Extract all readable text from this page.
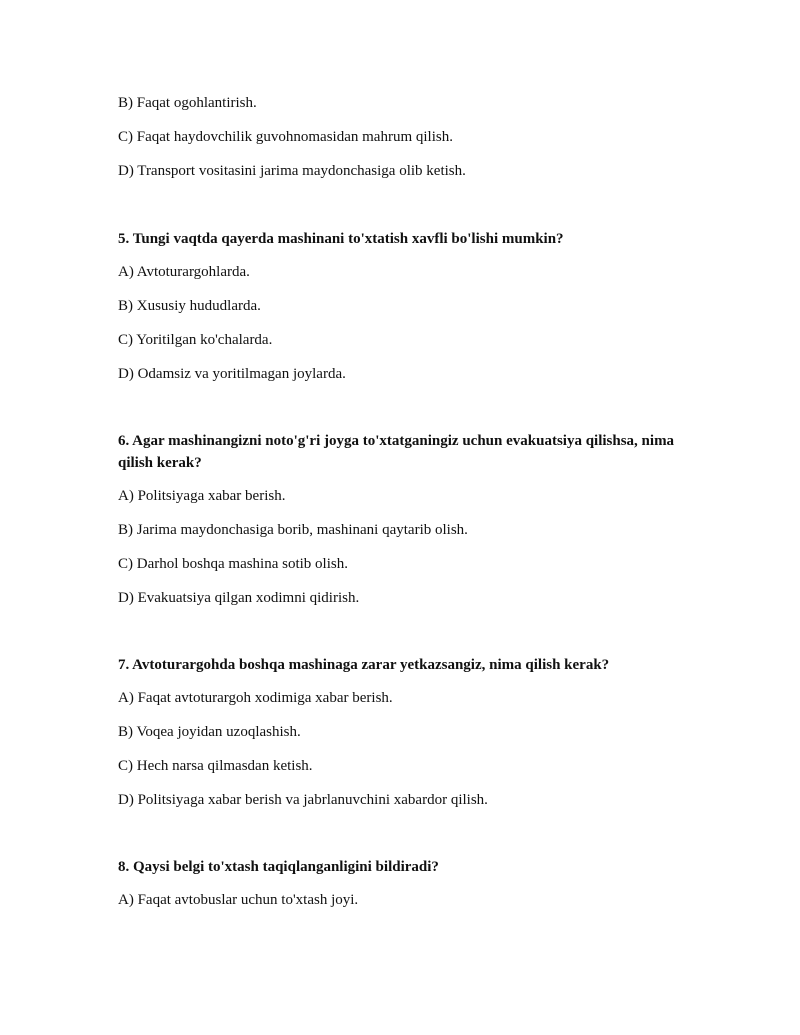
B) Faqat ogohlantirish.
C) Faqat haydovchilik guvohnomasidan mahrum qilish.
D) Transport vositasini jarima maydonchasiga olib ketish.
5. Tungi vaqtda qayerda mashinani to'xtatish xavfli bo'lishi mumkin?
A) Avtoturargohlarda.
B) Xususiy hududlarda.
C) Yoritilgan ko'chalarda.
D) Odamsiz va yoritilmagan joylarda.
6. Agar mashinangizni noto'g'ri joyga to'xtatganingiz uchun evakuatsiya qilishsa, nima qilish kerak?
A) Politsiyaga xabar berish.
B) Jarima maydonchasiga borib, mashinani qaytarib olish.
C) Darhol boshqa mashina sotib olish.
D) Evakuatsiya qilgan xodimni qidirish.
7. Avtoturargohda boshqa mashinaga zarar yetkazsangiz, nima qilish kerak?
A) Faqat avtoturargoh xodimiga xabar berish.
B) Voqea joyidan uzoqlashish.
C) Hech narsa qilmasdan ketish.
D) Politsiyaga xabar berish va jabrlanuvchini xabardor qilish.
8. Qaysi belgi to'xtash taqiqlanganligini bildiradi?
A) Faqat avtobuslar uchun to'xtash joyi.
